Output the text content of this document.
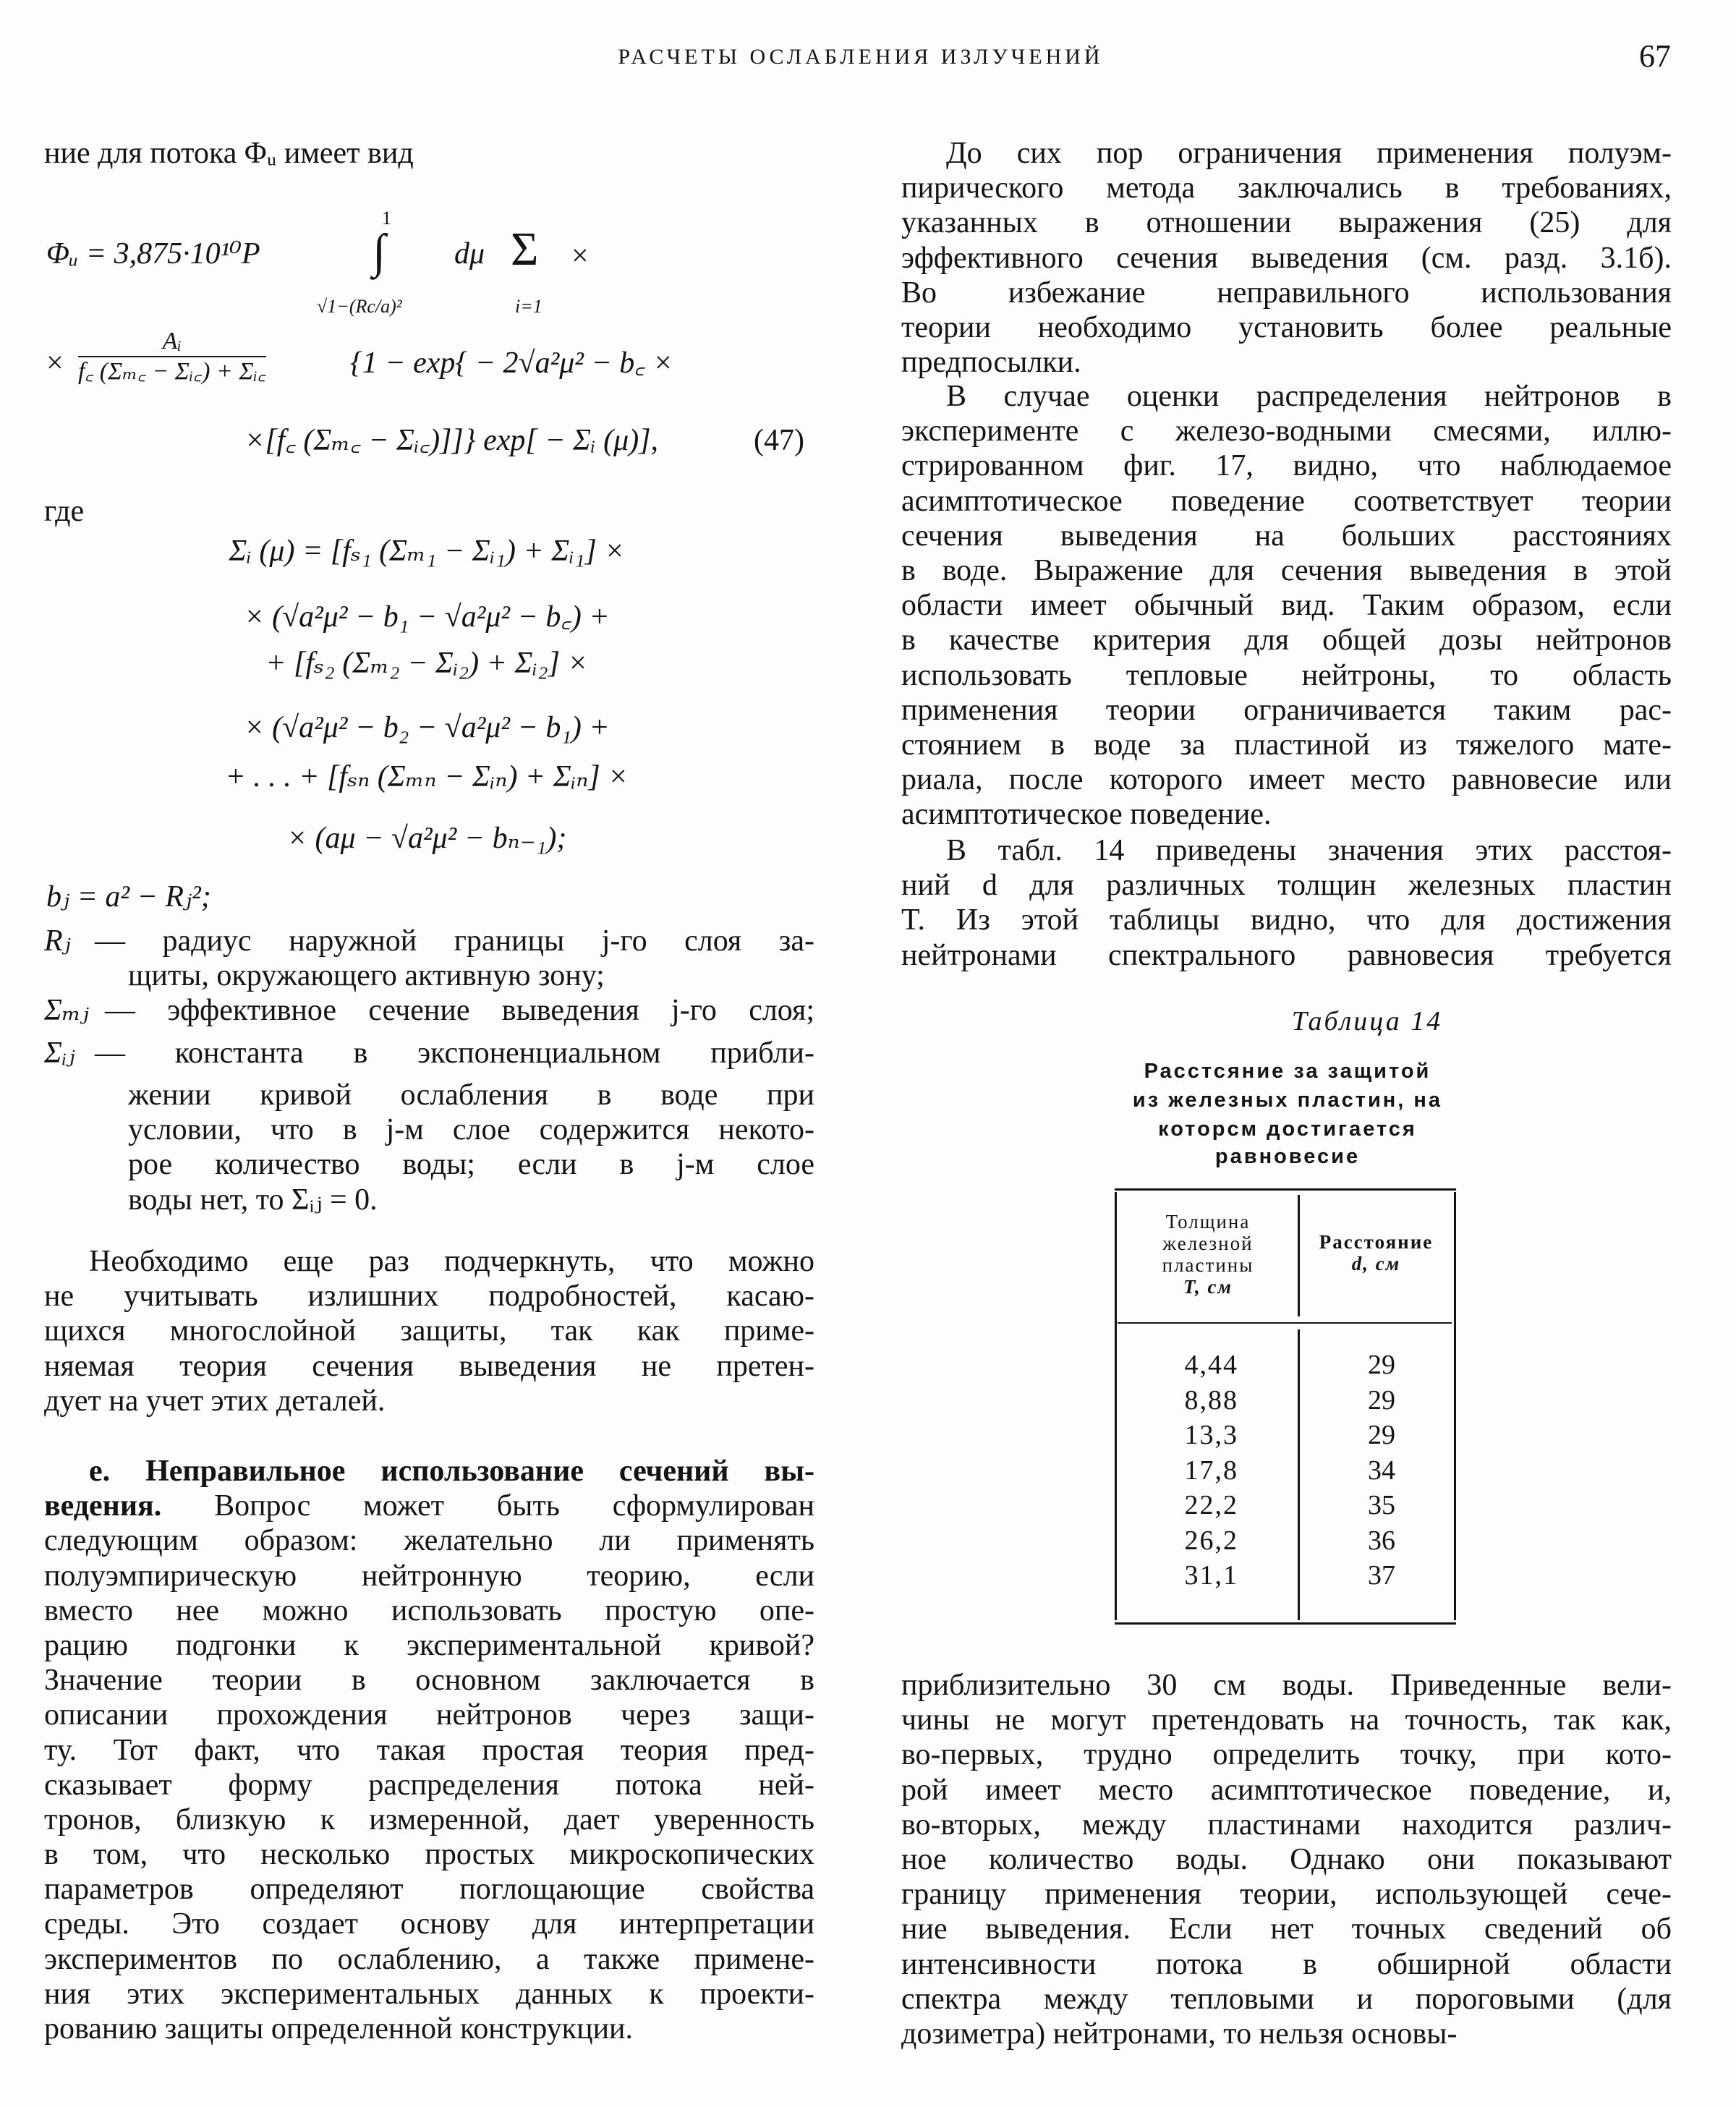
РАСЧЕТЫ ОСЛАБЛЕНИЯ ИЗЛУЧЕНИЙ	67
ние для потока Φᵤ имеет вид
Φᵤ = 3,875·10¹⁰P
1
∫
√1−(Rc/a)²
dμ Σ
i=1
×
× $\frac{\text{Aᵢ}}{\text{f꜀ (Σₘ꜀ − Σᵢ꜀) + Σᵢ꜀}}$	{1 − exp{ − 2√a²μ² − b꜀ ×
×[f꜀ (Σₘ꜀ − Σᵢ꜀)]]} exp[ − Σᵢ (μ)],	(47)
где
Σᵢ (μ) = [fₛ₁ (Σₘ₁ − Σᵢ₁) + Σᵢ₁] ×
× (√a²μ² − b₁ − √a²μ² − b꜀) +
+ [fₛ₂ (Σₘ₂ − Σᵢ₂) + Σᵢ₂] ×
× (√a²μ² − b₂ − √a²μ² − b₁) +
+ . . . + [fₛₙ (Σₘₙ − Σᵢₙ) + Σᵢₙ] ×
× (aμ − √a²μ² − bₙ₋₁);
bⱼ = a² − Rⱼ²;
Rⱼ — радиус наружной границы j-го слоя за-
щиты, окружающего активную зону;
Σₘⱼ — эффективное сечение выведения j-го слоя;
Σᵢⱼ — константа в экспоненциальном прибли-
жении кривой ослабления в воде при
условии, что в j-м слое содержится некото-
рое количество воды; если в j-м слое
воды нет, то Σᵢⱼ = 0.
Необходимо еще раз подчеркнуть, что можно
не учитывать излишних подробностей, касаю-
щихся многослойной защиты, так как приме-
няемая теория сечения выведения не претен-
дует на учет этих деталей.
е. Неправильное использование сечений вы-
ведения. Вопрос может быть сформулирован
следующим образом: желательно ли применять
полуэмпирическую нейтронную теорию, если
вместо нее можно использовать простую опе-
рацию подгонки к экспериментальной кривой?
Значение теории в основном заключается в
описании прохождения нейтронов через защи-
ту. Тот факт, что такая простая теория пред-
сказывает форму распределения потока ней-
тронов, близкую к измеренной, дает уверенность
в том, что несколько простых микроскопических
параметров определяют поглощающие свойства
среды. Это создает основу для интерпретации
экспериментов по ослаблению, а также примене-
ния этих экспериментальных данных к проекти-
рованию защиты определенной конструкции.
До сих пор ограничения применения полуэм-
пирического метода заключались в требованиях,
указанных в отношении выражения (25) для
эффективного сечения выведения (см. разд. 3.1б).
Во избежание неправильного использования
теории необходимо установить более реальные
предпосылки.
В случае оценки распределения нейтронов в
эксперименте с железо-водными смесями, иллю-
стрированном фиг. 17, видно, что наблюдаемое
асимптотическое поведение соответствует теории
сечения выведения на больших расстояниях
в воде. Выражение для сечения выведения в этой
области имеет обычный вид. Таким образом, если
в качестве критерия для общей дозы нейтронов
использовать тепловые нейтроны, то область
применения теории ограничивается таким рас-
стоянием в воде за пластиной из тяжелого мате-
риала, после которого имеет место равновесие или
асимптотическое поведение.
В табл. 14 приведены значения этих расстоя-
ний d для различных толщин железных пластин
T. Из этой таблицы видно, что для достижения
нейтронами спектрального равновесия требуется
Таблица 14
Расстсяние за защитой
из железных пластин, на
которсм достигается
равновесие
Толщина
железной
пластины
T, см
Расстояние
d, см
4,44	29
8,88	29
13,3	29
17,8	34
22,2	35
26,2	36
31,1	37
приблизительно 30 см воды. Приведенные вели-
чины не могут претендовать на точность, так как,
во-первых, трудно определить точку, при кото-
рой имеет место асимптотическое поведение, и,
во-вторых, между пластинами находится различ-
ное количество воды. Однако они показывают
границу применения теории, использующей сече-
ние выведения. Если нет точных сведений об
интенсивности потока в обширной области
спектра между тепловыми и пороговыми (для
дозиметра) нейтронами, то нельзя основы-
